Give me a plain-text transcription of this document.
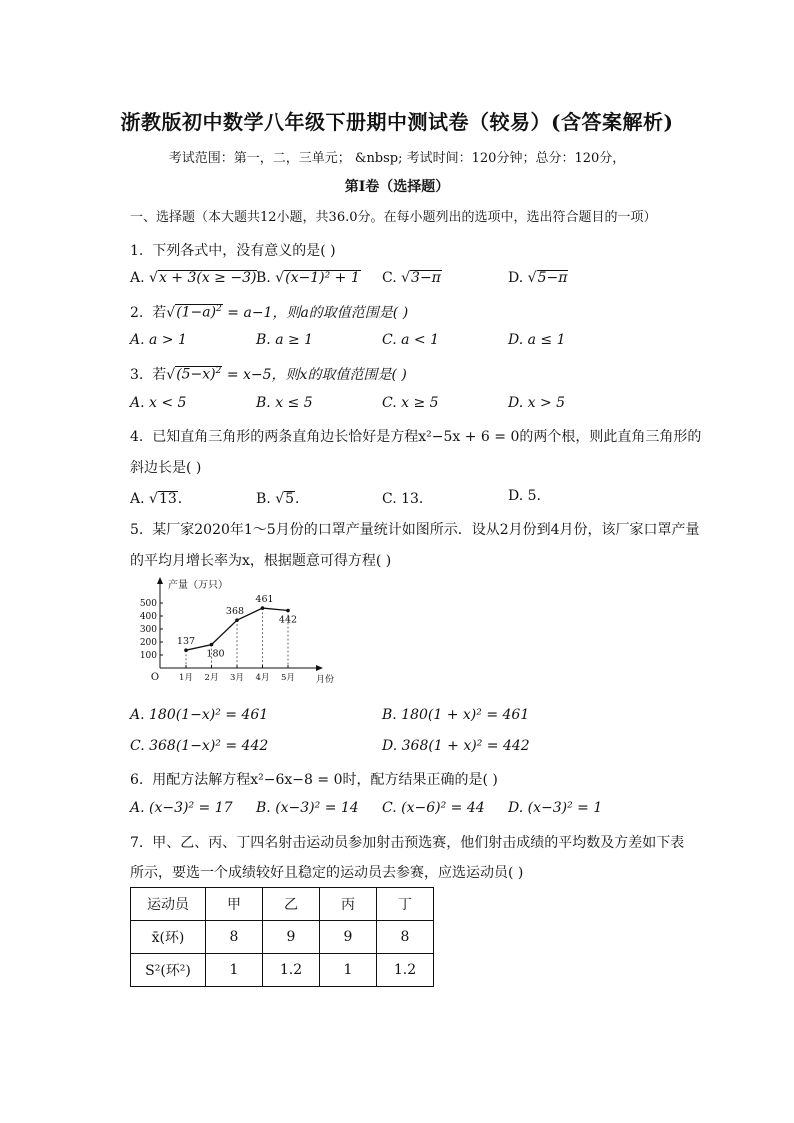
浙教版初中数学八年级下册期中测试卷（较易）(含答案解析)
考试范围：第一，二，三单元； &nbsp; 考试时间：120分钟；总分：120分，
第I卷（选择题）
一、选择题（本大题共12小题，共36.0分。在每小题列出的选项中，选出符合题目的一项）
1. 下列各式中，没有意义的是( )
A. √x + 3(x ≥ −3) B. √(x−1)² + 1 C. √3−π	D. √5−π
2. 若$√(1-a)^2 = a-1$，则a的取值范围是( )
A. a > 1	B. a ≥ 1	C. a < 1	D. a ≤ 1
3. 若$√(5-x)^2 = x-5$，则x的取值范围是( )
A. x < 5	B. x ≤ 5	C. x ≥ 5	D. x > 5
4. 已知直角三角形的两条直角边长恰好是方程x²−5x + 6 = 0的两个根，则此直角三角形的
斜边长是( )
A. √13．	B. √5．	C. 13．	D. 5.
5. 某厂家2020年1～5月份的口罩产量统计如图所示．设从2月份到4月份，该厂家口罩产量
的平均月增长率为x，根据题意可得方程( )
产量（万只）
月份
O
100
200
300
400
500
1月 2月 3月 4月 5月
137
180
368
461
442
A. 180(1−x)² = 461	B. 180(1 + x)² = 461
C. 368(1−x)² = 442	D. 368(1 + x)² = 442
6. 用配方法解方程x²−6x−8 = 0时，配方结果正确的是( )
A. (x−3)² = 17 B. (x−3)² = 14 C. (x−6)² = 44 D. (x−3)² = 1
7. 甲、乙、丙、丁四名射击运动员参加射击预选赛，他们射击成绩的平均数及方差如下表
所示，要选一个成绩较好且稳定的运动员去参赛，应选运动员( )
运动员	甲	乙	丙	丁
x̄(环)	8	9	9	8
S²(环²)	1	1.2	1	1.2
